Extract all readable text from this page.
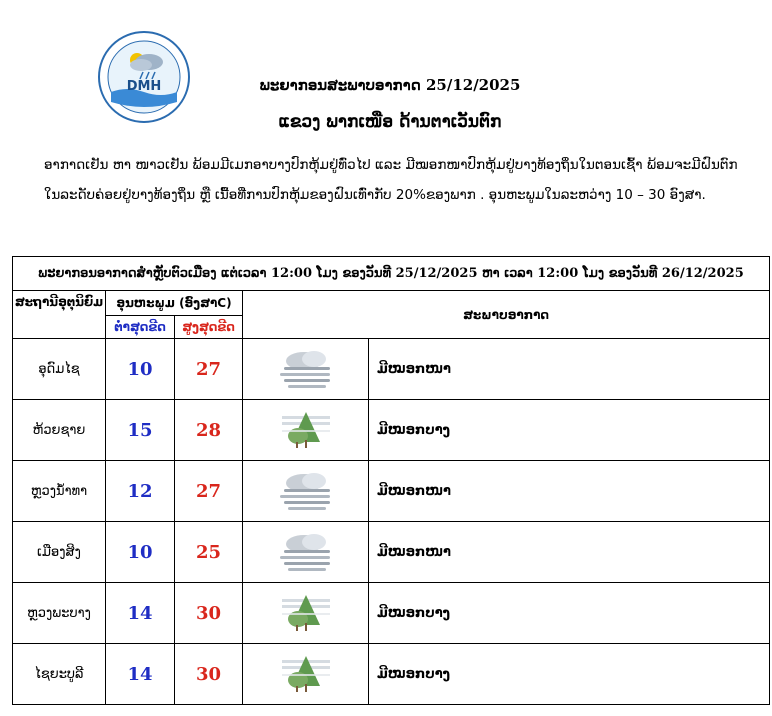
DMH	ພະຍາກອນສະພາບອາກາດ 25/12/2025
ແຂວງ ພາກເໜືອ ດ້ານຕາເວັນຕົກ
ອາກາດເຢັນ ຫາ ໜາວເຢັນ ພ້ອມມີເມກອາບາງປົກຫຸ້ມຢູ່ທົ່ວໄປ ແລະ ມີໝອກໜາປົກຫຸ້ມຢູ່ບາງທ້ອງຖິ່ນໃນຕອນເຊົ້າ ພ້ອມຈະມີຝົນຕົກໃນລະດັບຄ່ອຍຢູ່ບາງທ້ອງຖິ່ນ ຫຼື ເນື້ອທີ່ການປົກຫຸ້ມຂອງຝົນເທົ່າກັບ 20%ຂອງພາກ . ອຸນຫະພູມໃນລະຫວ່າງ 10 – 30 ອົງສາ.
ພະຍາກອນອາກາດສຳຫຼັບຕົວເມືອງ ແຕ່ເວລາ 12:00 ໂມງ ຂອງວັນທີ 25/12/2025 ຫາ ເວລາ 12:00 ໂມງ ຂອງວັນທີ 26/12/2025				
ສະຖານີອຸຕຸນິຍົມ	ອຸນຫະພູມ (ອົງສາC)		ສະພາບອາກາດ	
	ຕໍ່າສຸດຂີດ	ສູງສຸດຂີດ		
ອຸດົມໄຊ	10	27		ມີໝອກໜາ
ຫ້ວຍຊາຍ	15	28		ມີໝອກບາງ
ຫຼວງນ້ຳທາ	12	27		ມີໝອກໜາ
ເມືອງສິງ	10	25		ມີໝອກໜາ
ຫຼວງພະບາງ	14	30		ມີໝອກບາງ
ໄຊຍະບູລີ	14	30		ມີໝອກບາງ
